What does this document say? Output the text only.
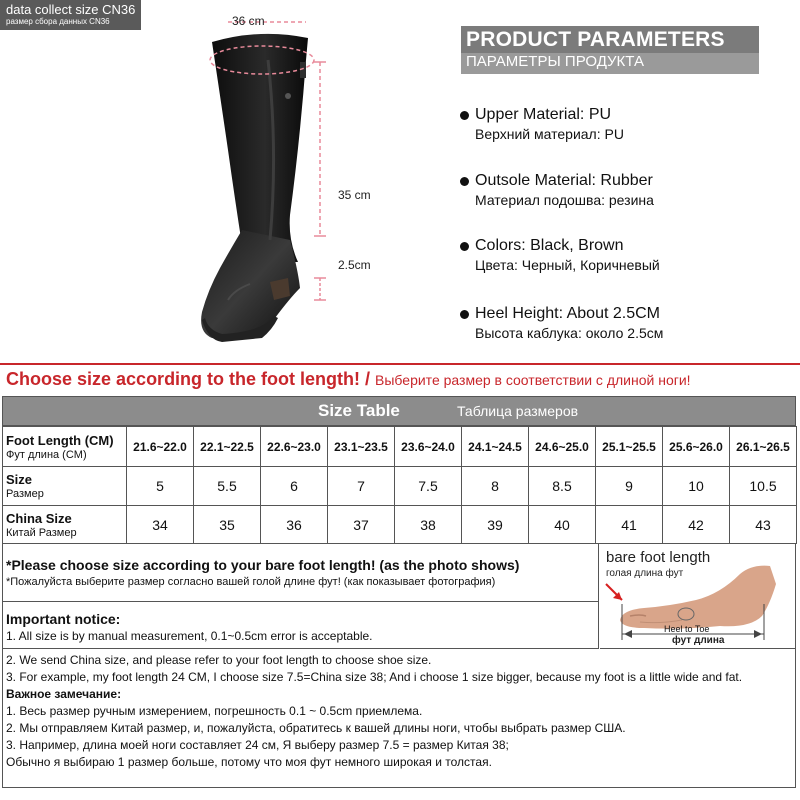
data collect size CN36
размер сбора данных CN36	36 cm
35 cm
2.5cm
PRODUCT PARAMETERS
ПАРАМЕТРЫ ПРОДУКТА
Upper Material: PU
Верхний материал: PU
Outsole Material: Rubber
Материал подошва: резина
Colors: Black, Brown
Цвета: Черный, Коричневый
Heel Height: About 2.5CM
Высота каблука: около 2.5см
Choose size according to the foot length! / Выберите размер в соответствии с длиной ноги!
Size Table	Таблица размеров
Foot Length (CM)
Фут длина (CM)	21.6~22.0	22.1~22.5	22.6~23.0	23.1~23.5	23.6~24.0	24.1~24.5	24.6~25.0	25.1~25.5	25.6~26.0	26.1~26.5

Size
Размер	5	5.5	6	7	7.5	8	8.5	9	10	10.5

China Size
Китай Размер	34	35	36	37	38	39	40	41	42	43
*Please choose size according to your bare foot length! (as the photo shows)
*Пожалуйста выберите размер согласно вашей голой длине фут! (как показывает фотография)
Important notice:
1. All size is by manual measurement, 0.1~0.5cm error is acceptable.
bare foot length
голая длина фут
Heel to Toe
фут длина
2. We send China size, and please refer to your foot length to choose shoe size.
3. For example, my foot length 24 CM, I choose size 7.5=China size 38; And i choose 1 size bigger, because my foot is a little wide and fat.
Важное замечание:
1. Весь размер ручным измерением, погрешность 0.1 ~ 0.5cm приемлема.
2. Мы отправляем Китай размер, и, пожалуйста, обратитесь к вашей длины ноги, чтобы выбрать размер США.
3. Например, длина моей ноги составляет 24 см, Я выберу размер 7.5 = размер Китая 38;
Обычно я выбираю 1 размер больше, потому что моя фут немного широкая и толстая.
